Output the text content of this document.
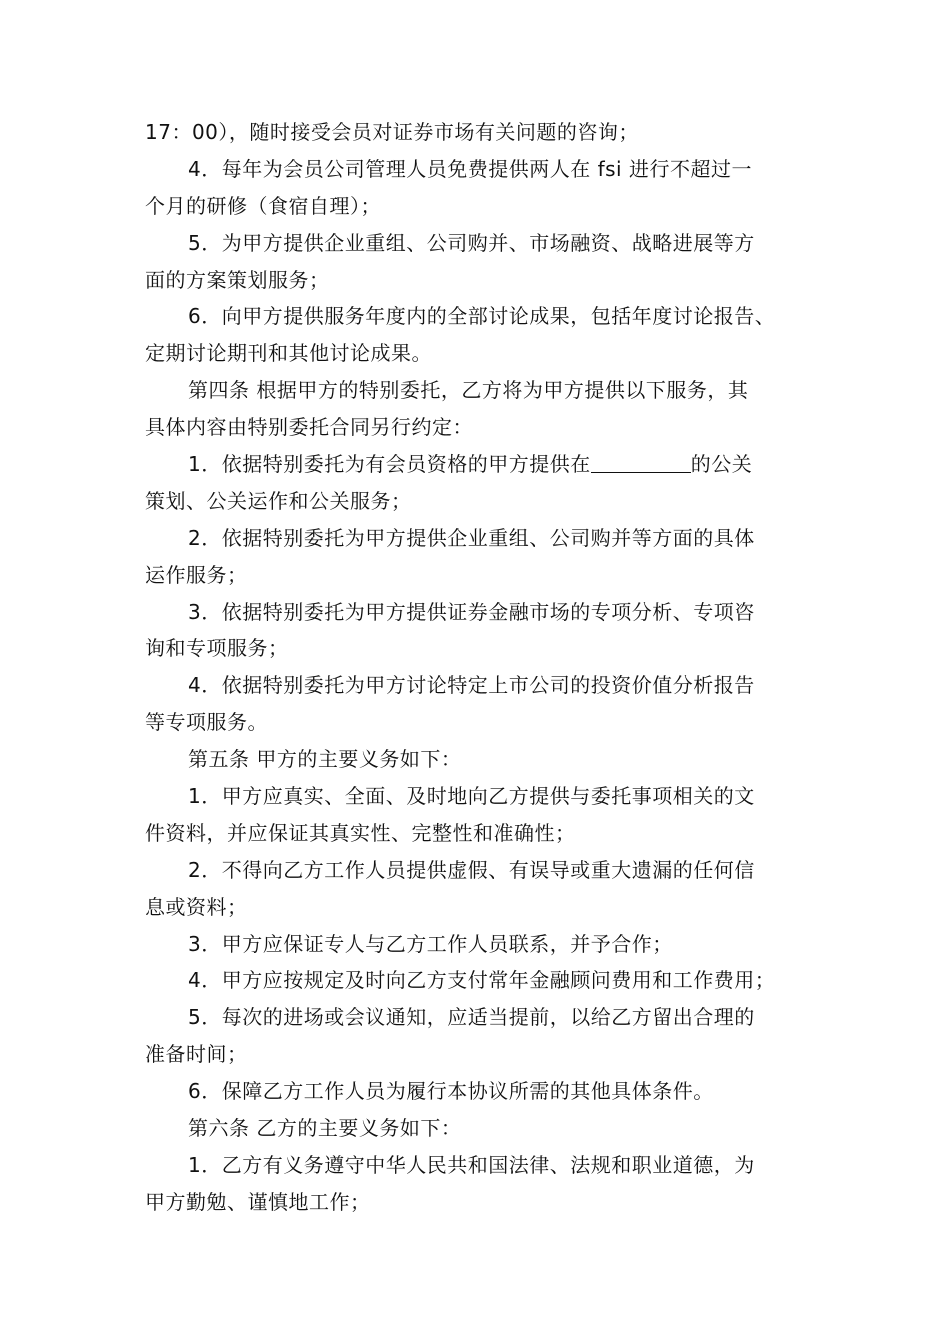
17：00），随时接受会员对证券市场有关问题的咨询；
4．每年为会员公司管理人员免费提供两人在 fsi 进行不超过一
个月的研修（食宿自理）；
5．为甲方提供企业重组、公司购并、市场融资、战略进展等方
面的方案策划服务；
6．向甲方提供服务年度内的全部讨论成果，包括年度讨论报告、
定期讨论期刊和其他讨论成果。
第四条 根据甲方的特别委托，乙方将为甲方提供以下服务，其
具体内容由特别委托合同另行约定：
1．依据特别委托为有会员资格的甲方提供在	的公关
策划、公关运作和公关服务；
2．依据特别委托为甲方提供企业重组、公司购并等方面的具体
运作服务；
3．依据特别委托为甲方提供证券金融市场的专项分析、专项咨
询和专项服务；
4．依据特别委托为甲方讨论特定上市公司的投资价值分析报告
等专项服务。
第五条 甲方的主要义务如下：
1．甲方应真实、全面、及时地向乙方提供与委托事项相关的文
件资料，并应保证其真实性、完整性和准确性；
2．不得向乙方工作人员提供虚假、有误导或重大遗漏的任何信
息或资料；
3．甲方应保证专人与乙方工作人员联系，并予合作；
4．甲方应按规定及时向乙方支付常年金融顾问费用和工作费用；
5．每次的进场或会议通知，应适当提前，以给乙方留出合理的
准备时间；
6．保障乙方工作人员为履行本协议所需的其他具体条件。
第六条 乙方的主要义务如下：
1．乙方有义务遵守中华人民共和国法律、法规和职业道德，为
甲方勤勉、谨慎地工作；
